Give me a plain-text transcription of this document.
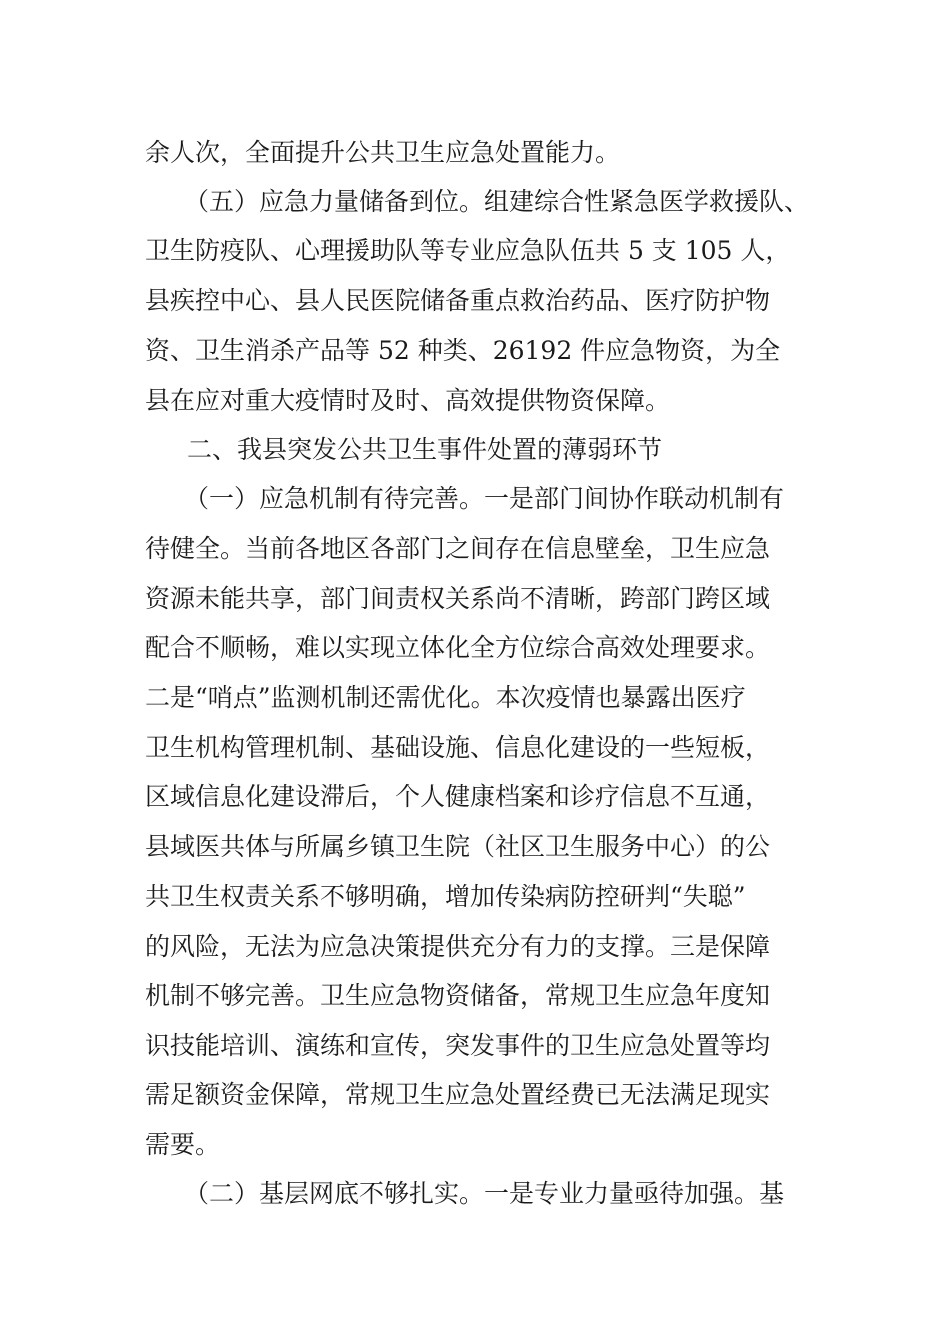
余人次，全面提升公共卫生应急处置能力。
（五）应急力量储备到位。组建综合性紧急医学救援队、
卫生防疫队、心理援助队等专业应急队伍共 5 支 105 人，
县疾控中心、县人民医院储备重点救治药品、医疗防护物
资、卫生消杀产品等 52 种类、26192 件应急物资，为全
县在应对重大疫情时及时、高效提供物资保障。
二、我县突发公共卫生事件处置的薄弱环节
（一）应急机制有待完善。一是部门间协作联动机制有
待健全。当前各地区各部门之间存在信息壁垒，卫生应急
资源未能共享，部门间责权关系尚不清晰，跨部门跨区域
配合不顺畅，难以实现立体化全方位综合高效处理要求。
二是“哨点”监测机制还需优化。本次疫情也暴露出医疗
卫生机构管理机制、基础设施、信息化建设的一些短板，
区域信息化建设滞后，个人健康档案和诊疗信息不互通，
县域医共体与所属乡镇卫生院（社区卫生服务中心）的公
共卫生权责关系不够明确，增加传染病防控研判“失聪”
的风险，无法为应急决策提供充分有力的支撑。三是保障
机制不够完善。卫生应急物资储备，常规卫生应急年度知
识技能培训、演练和宣传，突发事件的卫生应急处置等均
需足额资金保障，常规卫生应急处置经费已无法满足现实
需要。
（二）基层网底不够扎实。一是专业力量亟待加强。基
